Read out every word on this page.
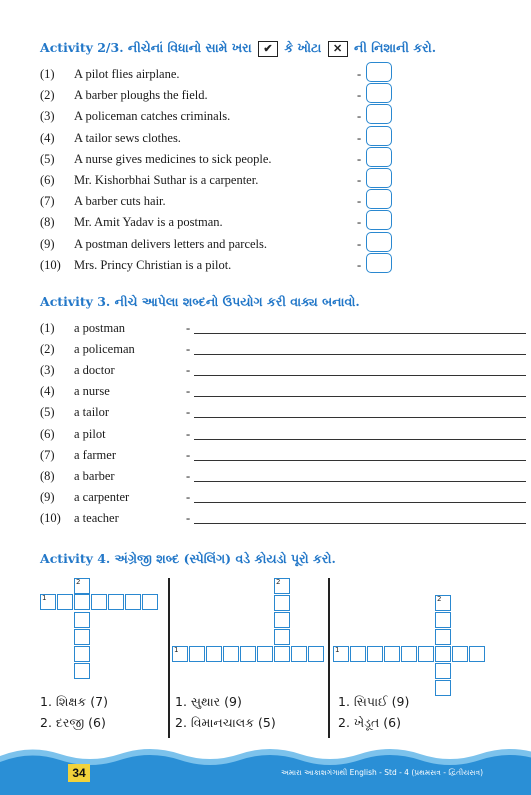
Activity 2/3. નીચેનાં વિધાનો સામે ખરા ✔ કે ખોટા ✕ ની નિશાની કરો.
(1) A pilot flies airplane.	-
(2) A barber ploughs the field.	-
(3) A policeman catches criminals.	-
(4) A tailor sews clothes.	-
(5) A nurse gives medicines to sick people.	-
(6) Mr. Kishorbhai Suthar is a carpenter.	-
(7) A barber cuts hair.	-
(8) Mr. Amit Yadav is a postman.	-
(9) A postman delivers letters and parcels.	-
(10) Mrs. Princy Christian is a pilot.	-
Activity 3. નીચે આપેલા શબ્દનો ઉપયોગ કરી વાક્ય બનાવો.
(1) a postman	-
(2) a policeman	-
(3) a doctor	-
(4) a nurse	-
(5) a tailor	-
(6) a pilot	-
(7) a farmer	-
(8) a barber	-
(9) a carpenter	-
(10) a teacher	-
Activity 4. અંગ્રેજી શબ્દ (સ્પેલિંગ) વડે કોયડો પૂરો કરો.
1
2
1
2
1
2
1. શિક્ષક (7)
2. દરજી (6)
1. સુથાર (9)
2. વિમાનચાલક (5)
1. સિપાઈ (9)
2. ખેડૂત (6)
34	અમારા આકાશગંગાથી English - Std - 4 (પ્રથમસત્ર - દ્વિતીયસત્ર)
